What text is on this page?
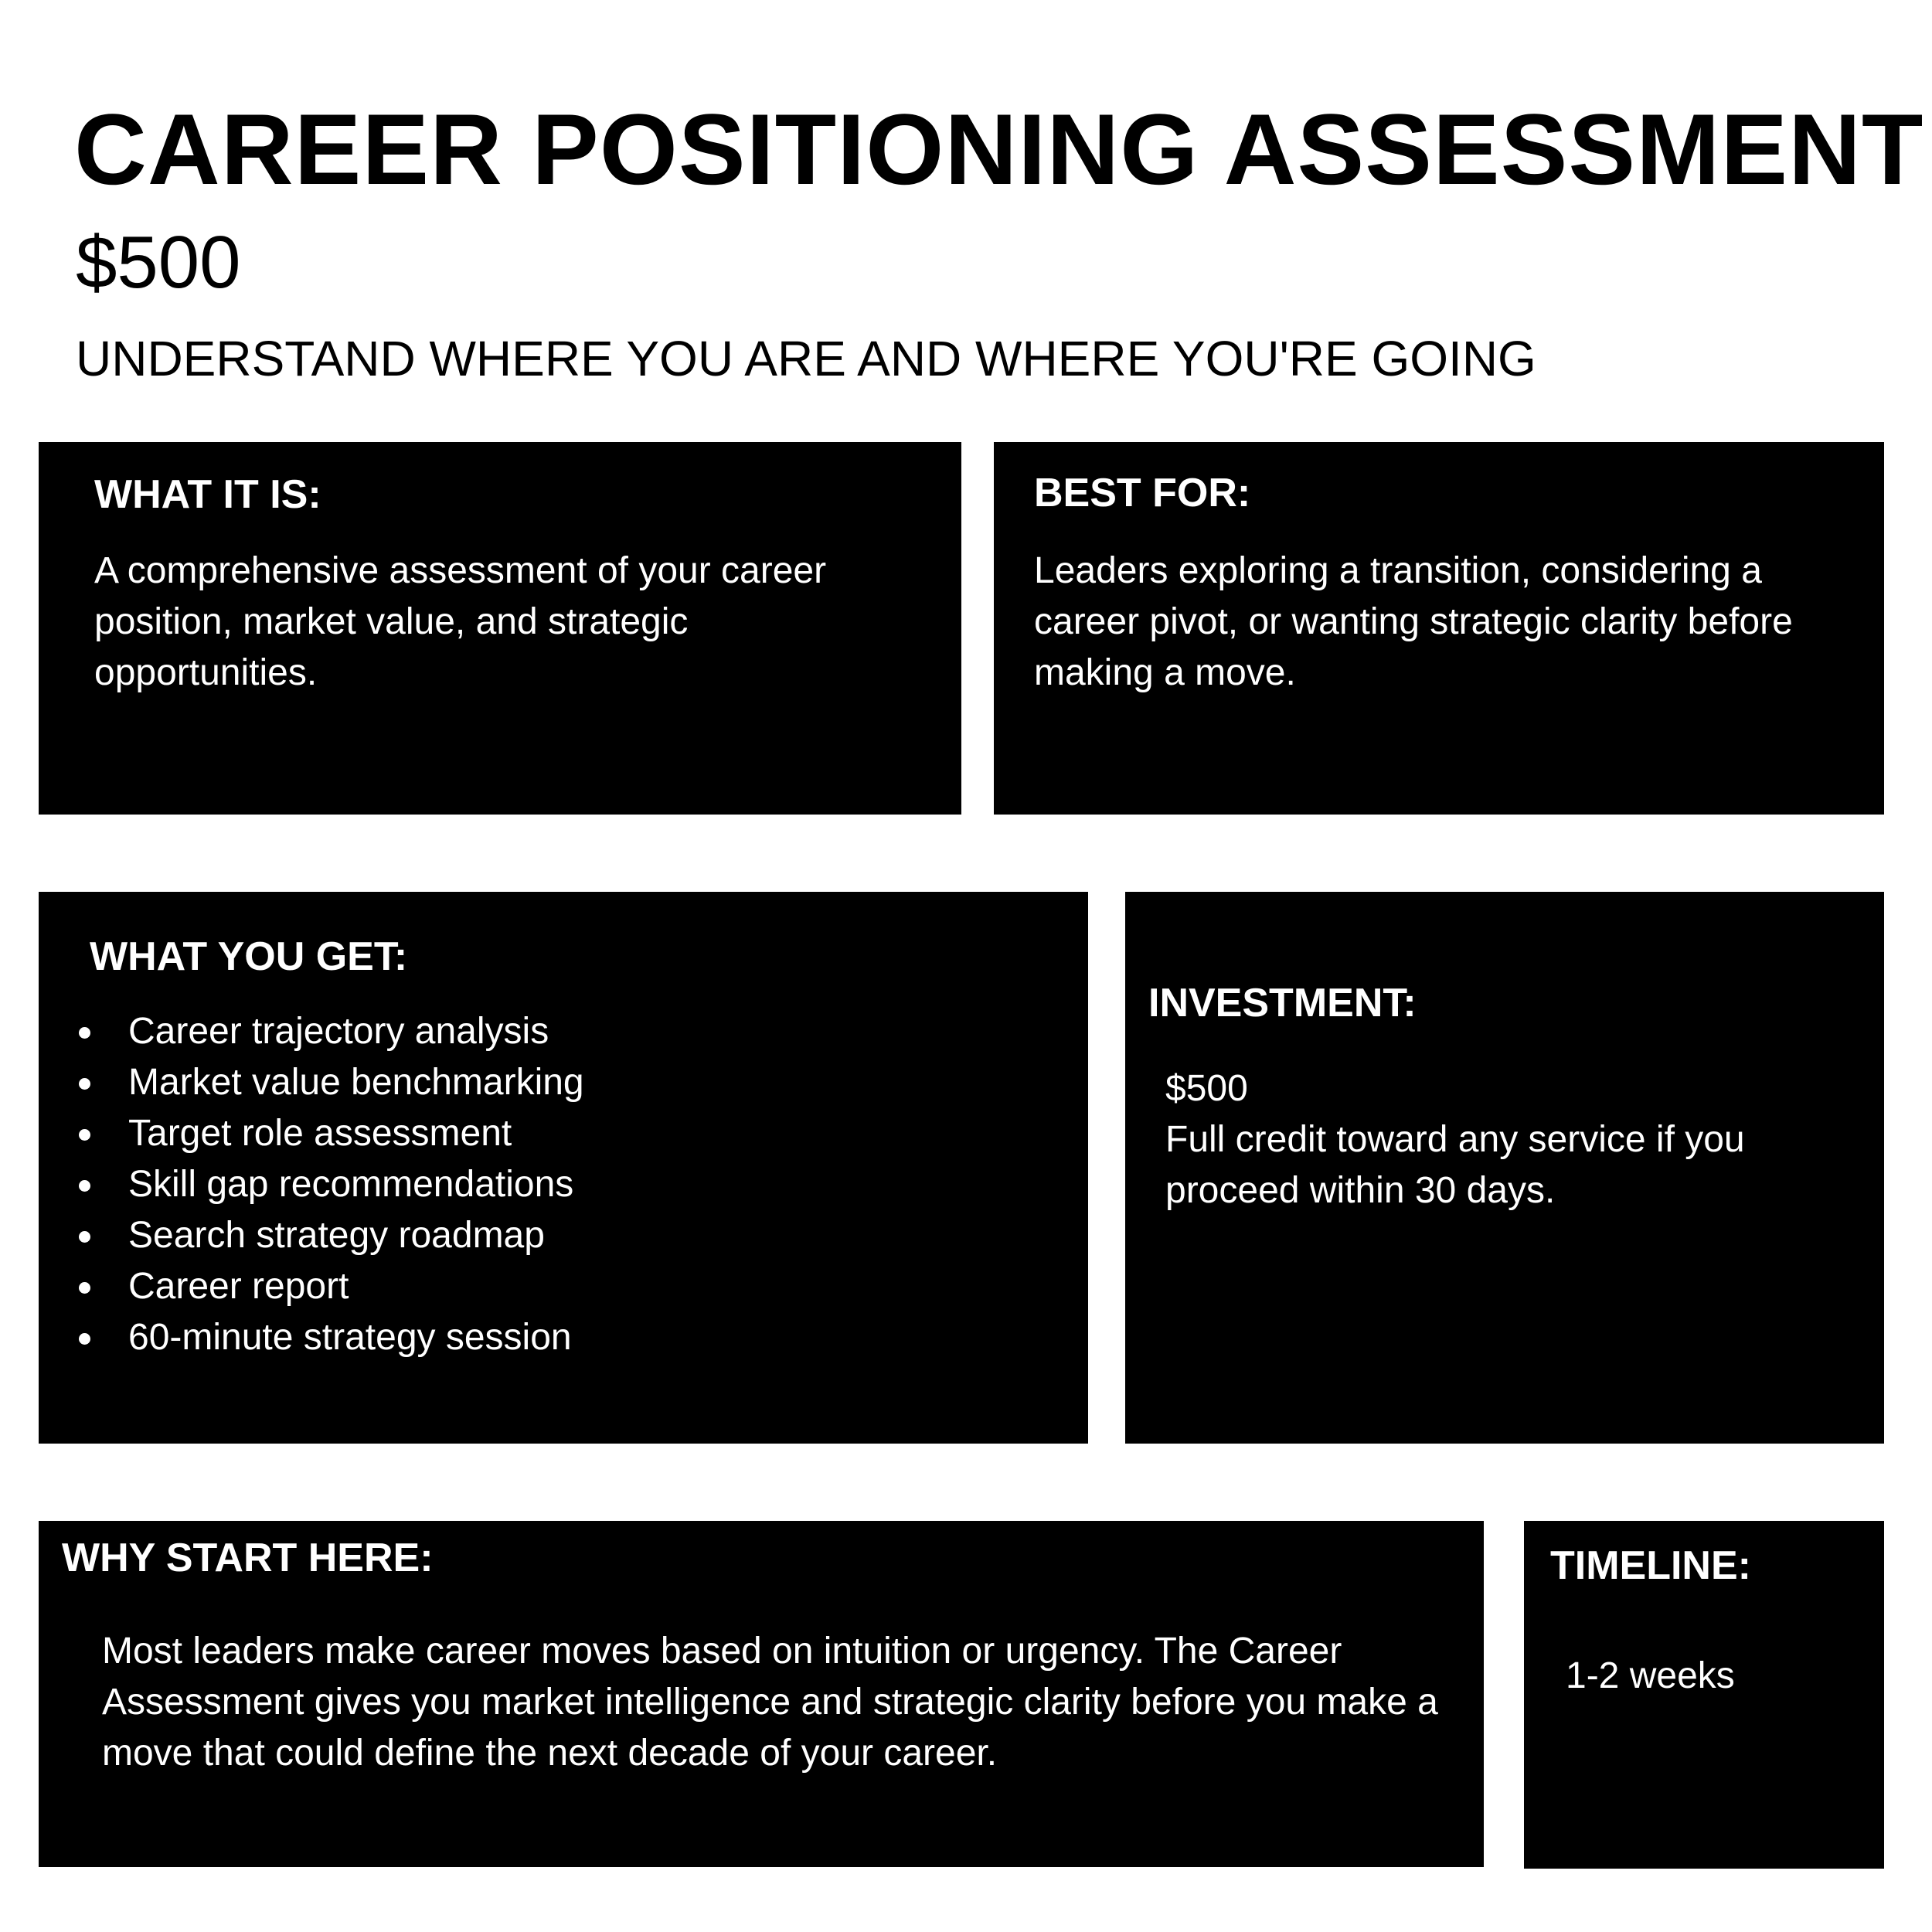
CAREER POSITIONING ASSESSMENT
$500
UNDERSTAND WHERE YOU ARE AND WHERE YOU'RE GOING
WHAT IT IS:
A comprehensive assessment of your career position, market value, and strategic opportunities.
BEST FOR:
Leaders exploring a transition, considering a career pivot, or wanting strategic clarity before making a move.
WHAT YOU GET:
Career trajectory analysis
Market value benchmarking
Target role assessment
Skill gap recommendations
Search strategy roadmap
Career report
60-minute strategy session
INVESTMENT:
$500
Full credit toward any service if you proceed within 30 days.
WHY START HERE:
Most leaders make career moves based on intuition or urgency. The Career Assessment gives you market intelligence and strategic clarity before you make a move that could define the next decade of your career.
TIMELINE:
1-2 weeks
